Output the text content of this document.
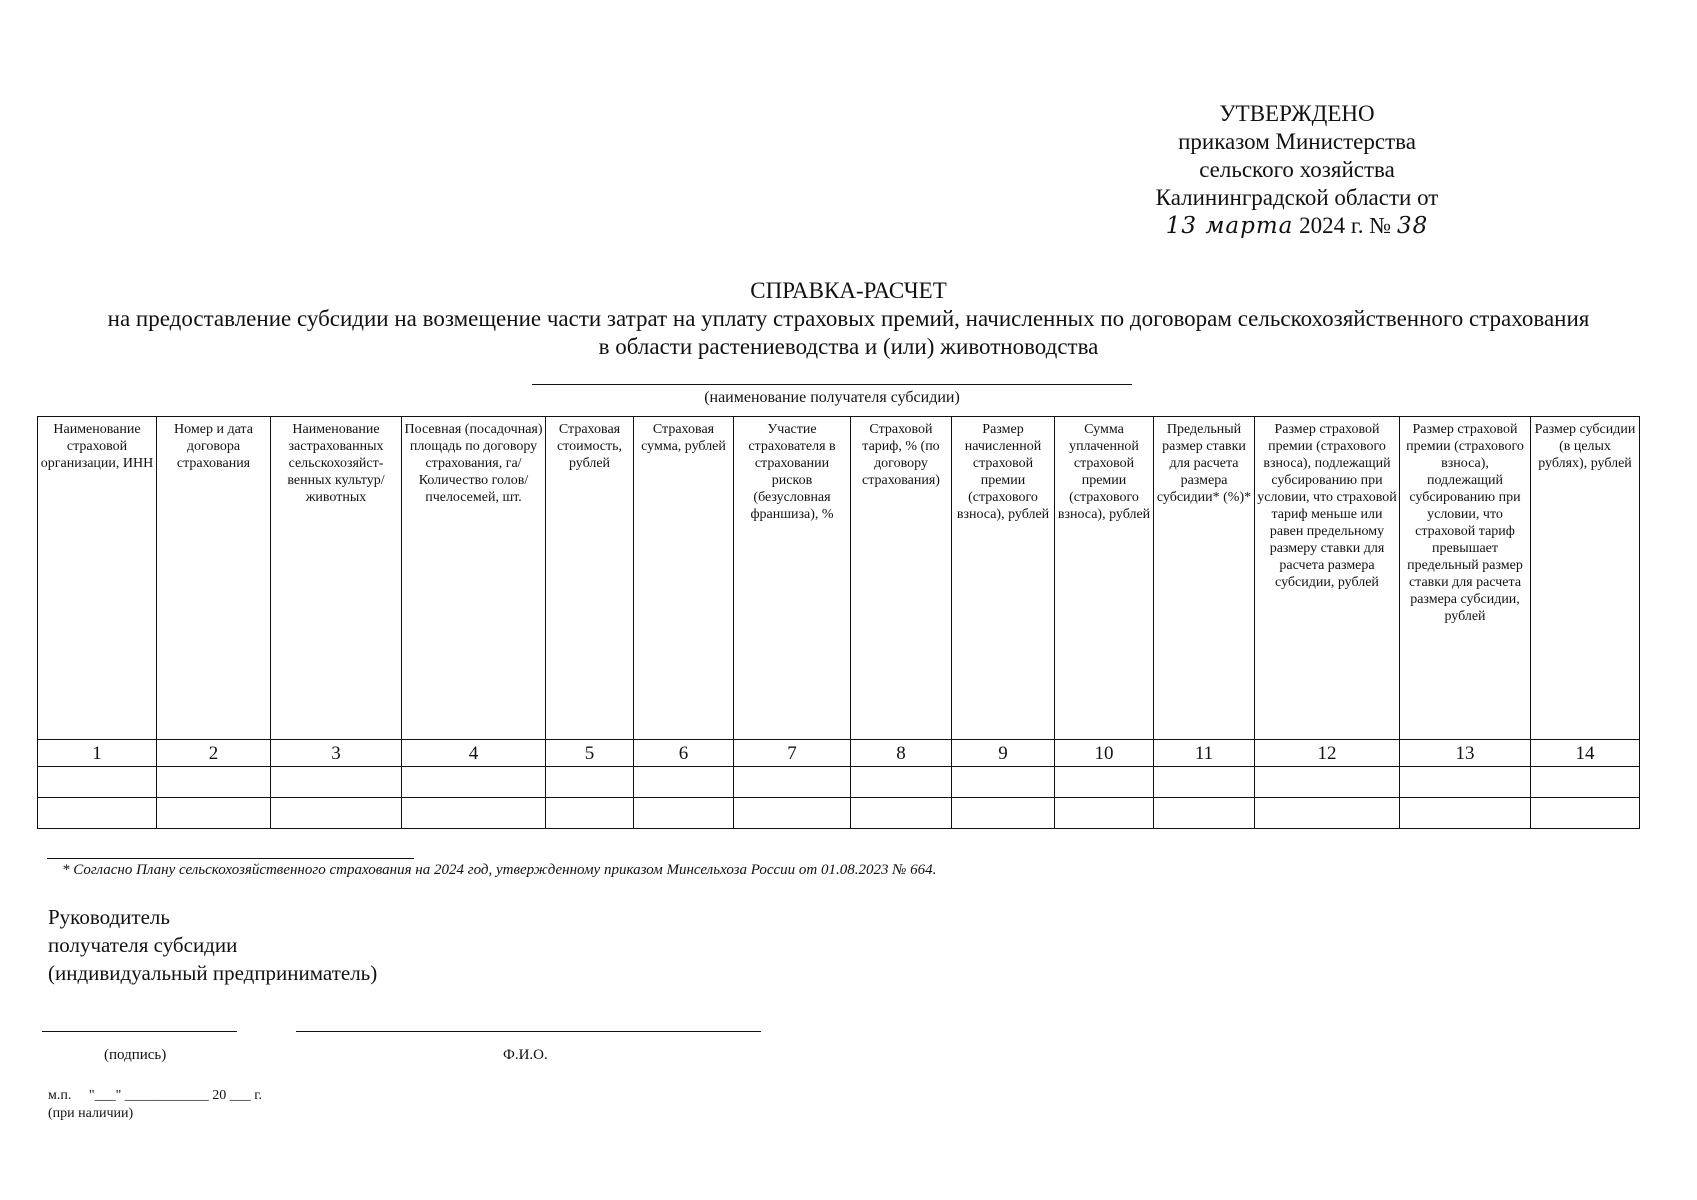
УТВЕРЖДЕНО
приказом Министерства
сельского хозяйства
Калининградской области от
13 марта 2024 г. № 38
СПРАВКА-РАСЧЕТ
на предоставление субсидии на возмещение части затрат на уплату страховых премий, начисленных по договорам сельскохозяйственного страхования
в области растениеводства и (или) животноводства
(наименование получателя субсидии)
Наименование страховой организации, ИНН	Номер и дата договора страхования	Наименование застрахованных сельскохозяйст-венных культур/ животных	Посевная (посадочная) площадь по договору страхования, га/ Количество голов/ пчелосемей, шт.	Страховая стоимость, рублей	Страховая сумма, рублей	Участие страхователя в страховании рисков (безусловная франшиза), %	Страховой тариф, % (по договору страхования)	Размер начисленной страховой премии (страхового взноса), рублей	Сумма уплаченной страховой премии (страхового взноса), рублей	Предельный размер ставки для расчета размера субсидии* (%)*	Размер страховой премии (страхового взноса), подлежащий субсированию при условии, что страховой тариф меньше или равен предельному размеру ставки для расчета размера субсидии, рублей	Размер страховой премии (страхового взноса), подлежащий субсированию при условии, что страховой тариф превышает предельный размер ставки для расчета размера субсидии, рублей	Размер субсидии (в целых рублях), рублей
1	2	3	4	5	6	7	8	9	10	11	12	13	14

* Согласно Плану сельскохозяйственного страхования на 2024 год, утвержденному приказом Минсельхоза России от 01.08.2023 № 664.
Руководитель
получателя субсидии
(индивидуальный предприниматель)
(подпись)	Ф.И.О.
м.п.     "___" ____________ 20 ___ г.
(при наличии)
